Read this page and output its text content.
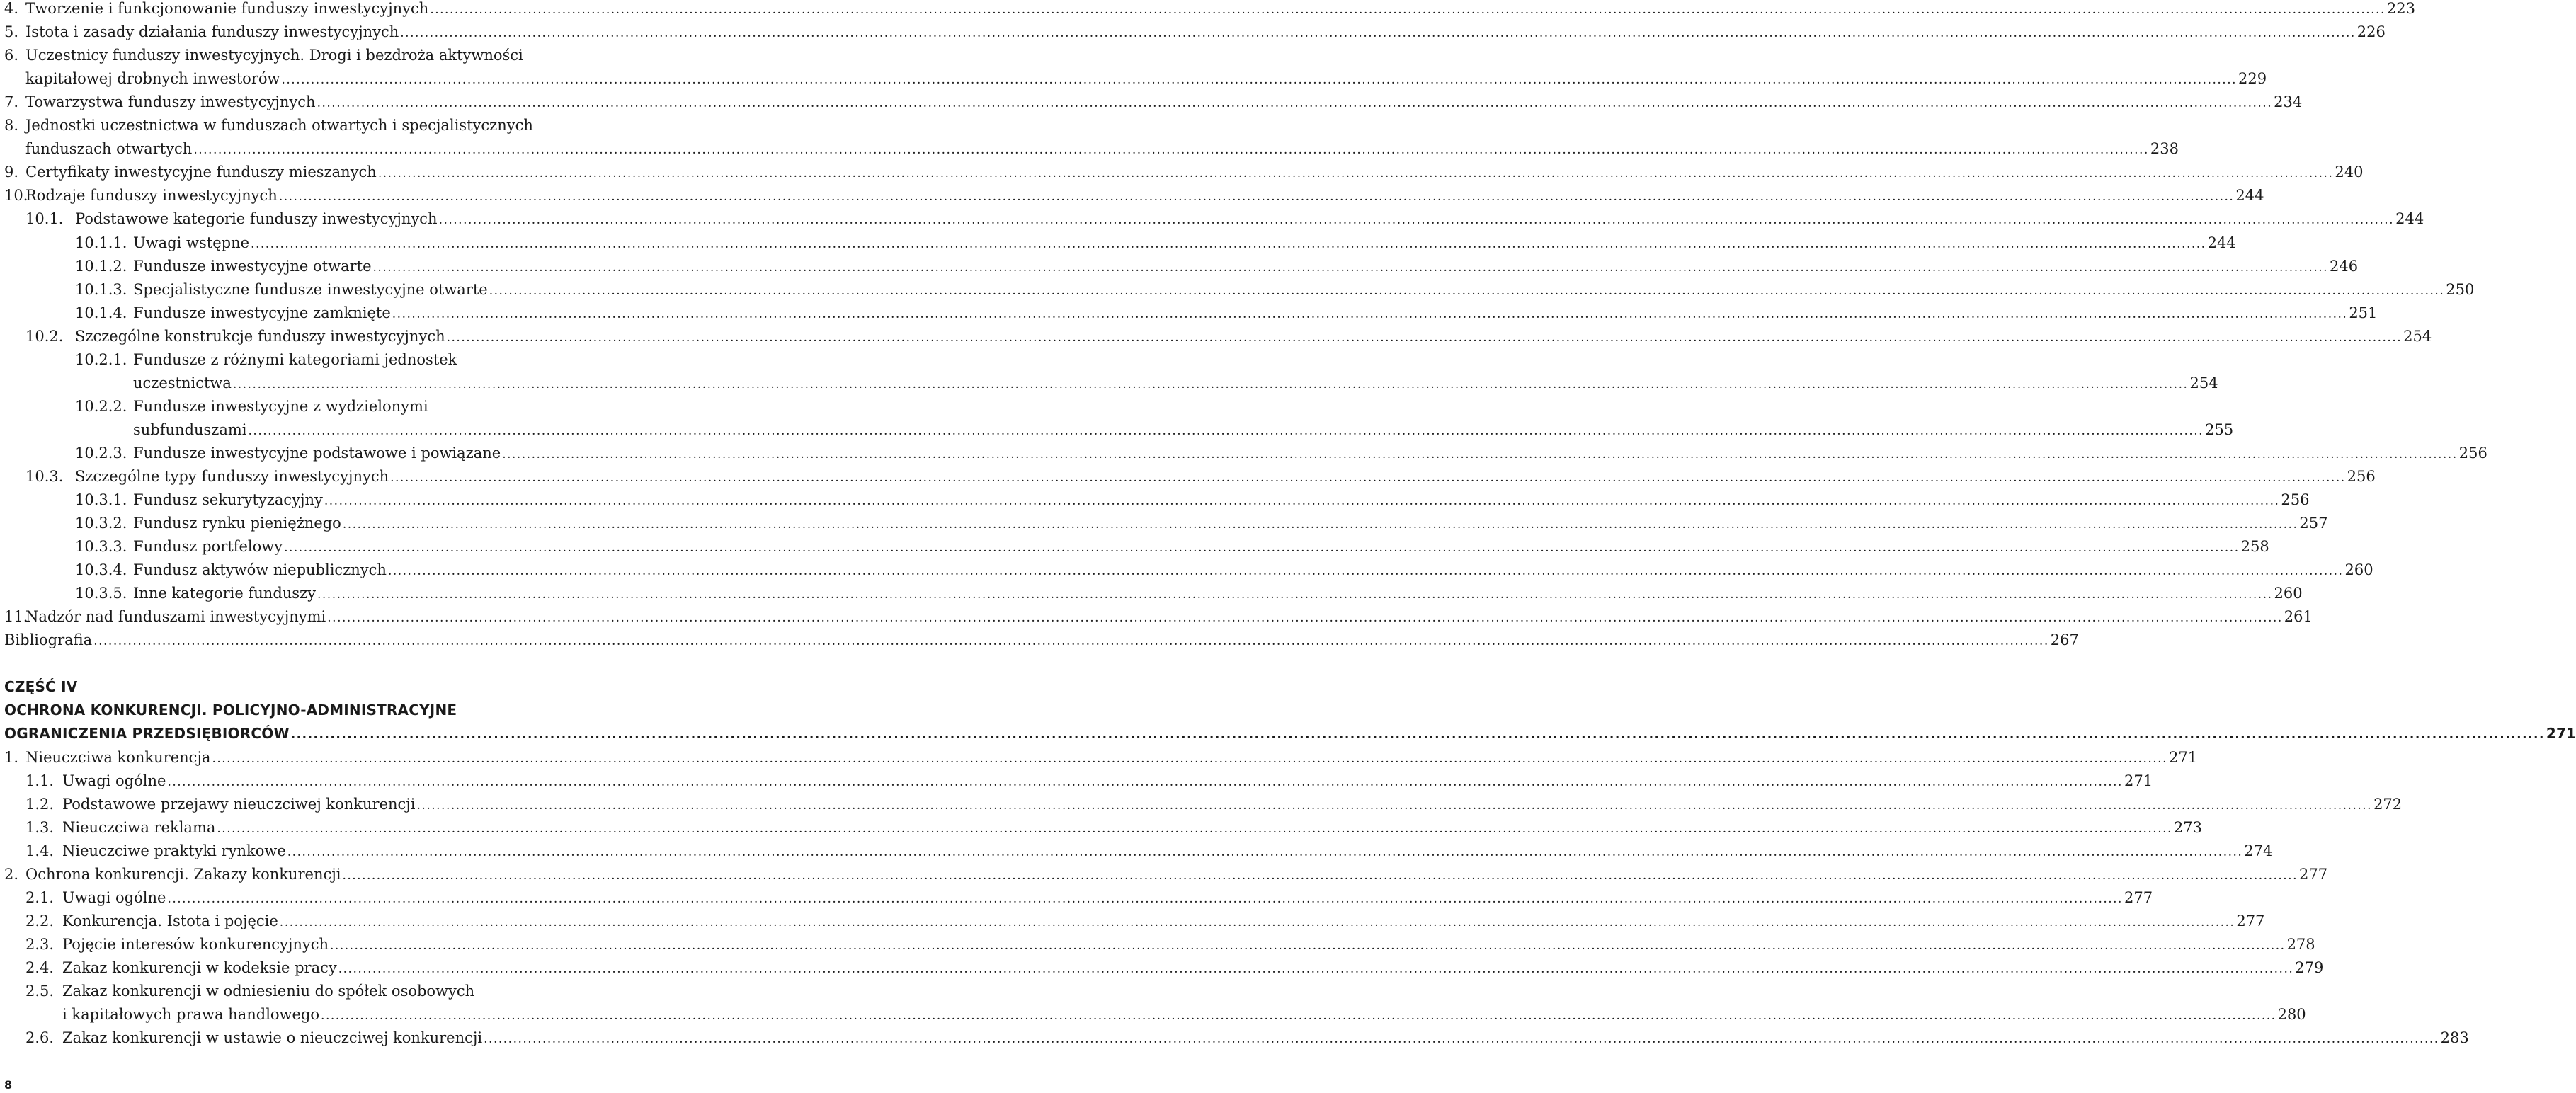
4. Tworzenie i funkcjonowanie funduszy inwestycyjnych ................................................................................................................................................................................................................................................................................................................................................................................................................ 223
5. Istota i zasady działania funduszy inwestycyjnych ................................................................................................................................................................................................................................................................................................................................................................................................................ 226
6. Uczestnicy funduszy inwestycyjnych. Drogi i bezdroża aktywności
kapitałowej drobnych inwestorów ................................................................................................................................................................................................................................................................................................................................................................................................................ 229
7. Towarzystwa funduszy inwestycyjnych ................................................................................................................................................................................................................................................................................................................................................................................................................ 234
8. Jednostki uczestnictwa w funduszach otwartych i specjalistycznych
funduszach otwartych ................................................................................................................................................................................................................................................................................................................................................................................................................ 238
9. Certyfikaty inwestycyjne funduszy mieszanych ................................................................................................................................................................................................................................................................................................................................................................................................................ 240
10.
Rodzaje funduszy inwestycyjnych ................................................................................................................................................................................................................................................................................................................................................................................................................ 244
10.1. Podstawowe kategorie funduszy inwestycyjnych ................................................................................................................................................................................................................................................................................................................................................................................................................ 244
10.1.1. Uwagi wstępne ................................................................................................................................................................................................................................................................................................................................................................................................................ 244
10.1.2. Fundusze inwestycyjne otwarte ................................................................................................................................................................................................................................................................................................................................................................................................................ 246
10.1.3. Specjalistyczne fundusze inwestycyjne otwarte ................................................................................................................................................................................................................................................................................................................................................................................................................ 250
10.1.4. Fundusze inwestycyjne zamknięte ................................................................................................................................................................................................................................................................................................................................................................................................................ 251
10.2. Szczególne konstrukcje funduszy inwestycyjnych ................................................................................................................................................................................................................................................................................................................................................................................................................ 254
10.2.1. Fundusze z różnymi kategoriami jednostek
uczestnictwa ................................................................................................................................................................................................................................................................................................................................................................................................................ 254
10.2.2. Fundusze inwestycyjne z wydzielonymi
subfunduszami ................................................................................................................................................................................................................................................................................................................................................................................................................ 255
10.2.3. Fundusze inwestycyjne podstawowe i powiązane ................................................................................................................................................................................................................................................................................................................................................................................................................ 256
10.3. Szczególne typy funduszy inwestycyjnych ................................................................................................................................................................................................................................................................................................................................................................................................................ 256
10.3.1. Fundusz sekurytyzacyjny ................................................................................................................................................................................................................................................................................................................................................................................................................ 256
10.3.2. Fundusz rynku pieniężnego ................................................................................................................................................................................................................................................................................................................................................................................................................ 257
10.3.3. Fundusz portfelowy ................................................................................................................................................................................................................................................................................................................................................................................................................ 258
10.3.4. Fundusz aktywów niepublicznych ................................................................................................................................................................................................................................................................................................................................................................................................................ 260
10.3.5. Inne kategorie funduszy ................................................................................................................................................................................................................................................................................................................................................................................................................ 260
11.
Nadzór nad funduszami inwestycyjnymi ................................................................................................................................................................................................................................................................................................................................................................................................................ 261
Bibliografia ................................................................................................................................................................................................................................................................................................................................................................................................................ 267
CZĘŚĆ IV
OCHRONA KONKURENCJI. POLICYJNO-ADMINISTRACYJNE
OGRANICZENIA PRZEDSIĘBIORCÓW ................................................................................................................................................................................................................................................................................................................................................................................................................ 271
1. Nieuczciwa konkurencja ................................................................................................................................................................................................................................................................................................................................................................................................................ 271
1.1. Uwagi ogólne ................................................................................................................................................................................................................................................................................................................................................................................................................ 271
1.2. Podstawowe przejawy nieuczciwej konkurencji ................................................................................................................................................................................................................................................................................................................................................................................................................ 272
1.3. Nieuczciwa reklama ................................................................................................................................................................................................................................................................................................................................................................................................................ 273
1.4. Nieuczciwe praktyki rynkowe ................................................................................................................................................................................................................................................................................................................................................................................................................ 274
2. Ochrona konkurencji. Zakazy konkurencji ................................................................................................................................................................................................................................................................................................................................................................................................................ 277
2.1. Uwagi ogólne ................................................................................................................................................................................................................................................................................................................................................................................................................ 277
2.2. Konkurencja. Istota i pojęcie ................................................................................................................................................................................................................................................................................................................................................................................................................ 277
2.3. Pojęcie interesów konkurencyjnych ................................................................................................................................................................................................................................................................................................................................................................................................................ 278
2.4. Zakaz konkurencji w kodeksie pracy ................................................................................................................................................................................................................................................................................................................................................................................................................ 279
2.5. Zakaz konkurencji w odniesieniu do spółek osobowych
i kapitałowych prawa handlowego ................................................................................................................................................................................................................................................................................................................................................................................................................ 280
2.6. Zakaz konkurencji w ustawie o nieuczciwej konkurencji ................................................................................................................................................................................................................................................................................................................................................................................................................ 283
8
